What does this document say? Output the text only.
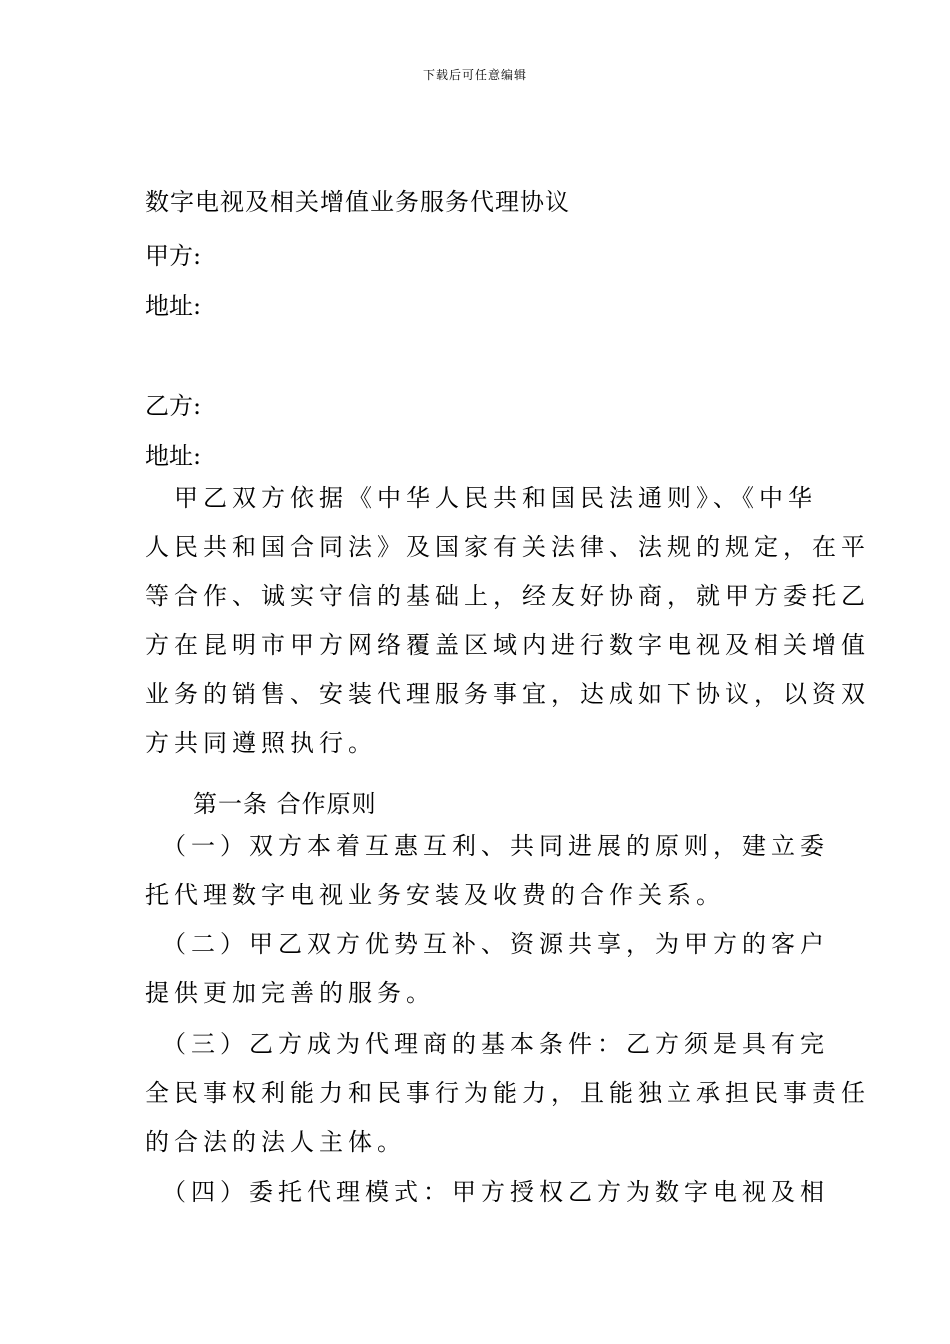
下载后可任意编辑
数字电视及相关增值业务服务代理协议
甲方:
地址:
乙方:
地址:
　甲乙双方依据《中华人民共和国民法通则》、《中华
人民共和国合同法》及国家有关法律、法规的规定，在平
等合作、诚实守信的基础上，经友好协商，就甲方委托乙
方在昆明市甲方网络覆盖区域内进行数字电视及相关增值
业务的销售、安装代理服务事宜，达成如下协议，以资双
方共同遵照执行。
第一条 合作原则
　（一）双方本着互惠互利、共同进展的原则，建立委
托代理数字电视业务安装及收费的合作关系。
　（二）甲乙双方优势互补、资源共享，为甲方的客户
提供更加完善的服务。
　（三）乙方成为代理商的基本条件：乙方须是具有完
全民事权利能力和民事行为能力，且能独立承担民事责任
的合法的法人主体。
　（四）委托代理模式：甲方授权乙方为数字电视及相
